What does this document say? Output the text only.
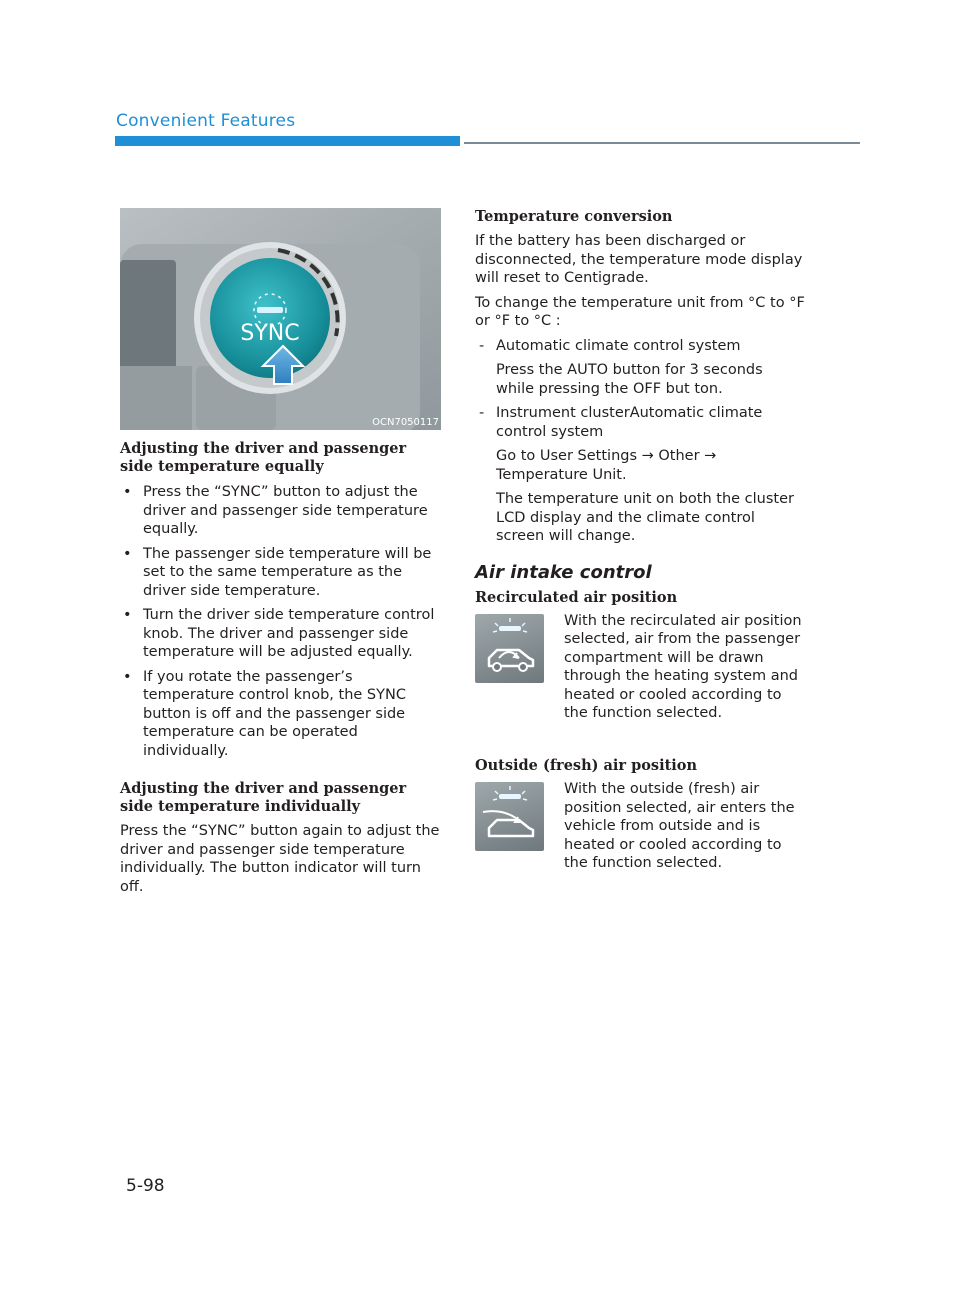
Convenient Features
SYNC
OCN7050117
Adjusting the driver and passenger side temperature equally
• Press the “SYNC” button to adjust the driver and passenger side temperature equally.
• The passenger side temperature will be set to the same temperature as the driver side temperature.
• Turn the driver side temperature control knob. The driver and passenger side temperature will be adjusted equally.
• If you rotate the passenger’s temperature control knob, the SYNC button is off and the passenger side temperature can be operated individually.
Adjusting the driver and passenger side temperature individually

Press the “SYNC” button again to adjust the driver and passenger side temperature individually. The button indicator will turn off.

Temperature conversion

If the battery has been discharged or disconnected, the temperature mode display will reset to Centigrade.

To change the temperature unit from °C to °F or °F to °C :

- Automatic climate control system

Press the AUTO button for 3 seconds while pressing the OFF but ton.

- Instrument clusterAutomatic climate control system

Go to User Settings → Other → Temperature Unit.

The temperature unit on both the cluster LCD display and the climate control screen will change.

Air intake control
Recirculated air position

With the recirculated air position selected, air from the passenger compartment will be drawn through the heating system and heated or cooled according to the function selected.

Outside (fresh) air position

With the outside (fresh) air position selected, air enters the vehicle from outside and is heated or cooled according to the function selected.

5-98
